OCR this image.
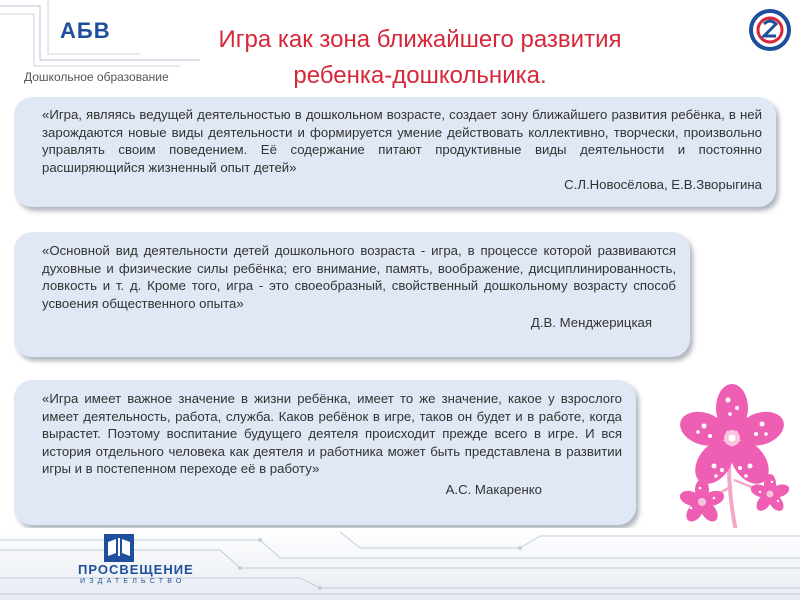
АБВ
Дошкольное образование
Игра как зона ближайшего развития
ребенка-дошкольника.

«Игра, являясь ведущей деятельностью в дошкольном возрасте, создает зону ближайшего развития ребёнка, в ней зарождаются новые виды деятельности и формируется умение действовать коллективно, творчески, произвольно управлять своим поведением. Её содержание питают продуктивные виды деятельности и постоянно расширяющийся жизненный опыт детей»

С.Л.Новосёлова, Е.В.Зворыгина

«Основной вид деятельности детей дошкольного возраста - игра, в процессе которой развиваются духовные и физические силы ребёнка; его внимание, память, воображение, дисциплинированность, ловкость и т. д. Кроме того, игра - это своеобразный, свойственный дошкольному возрасту способ усвоения общественного опыта»

Д.В. Менджерицкая

«Игра имеет важное значение в жизни ребёнка, имеет то же значение, какое у взрослого имеет деятельность, работа, служба. Каков ребёнок в игре, таков он будет и в работе, когда вырастет. Поэтому воспитание будущего деятеля происходит прежде всего в игре. И вся история отдельного человека как деятеля и работника может быть представлена в развитии игры и в постепенном переходе её в работу»

А.С. Макаренко

ПРОСВЕЩЕНИЕ
ИЗДАТЕЛЬСТВО
